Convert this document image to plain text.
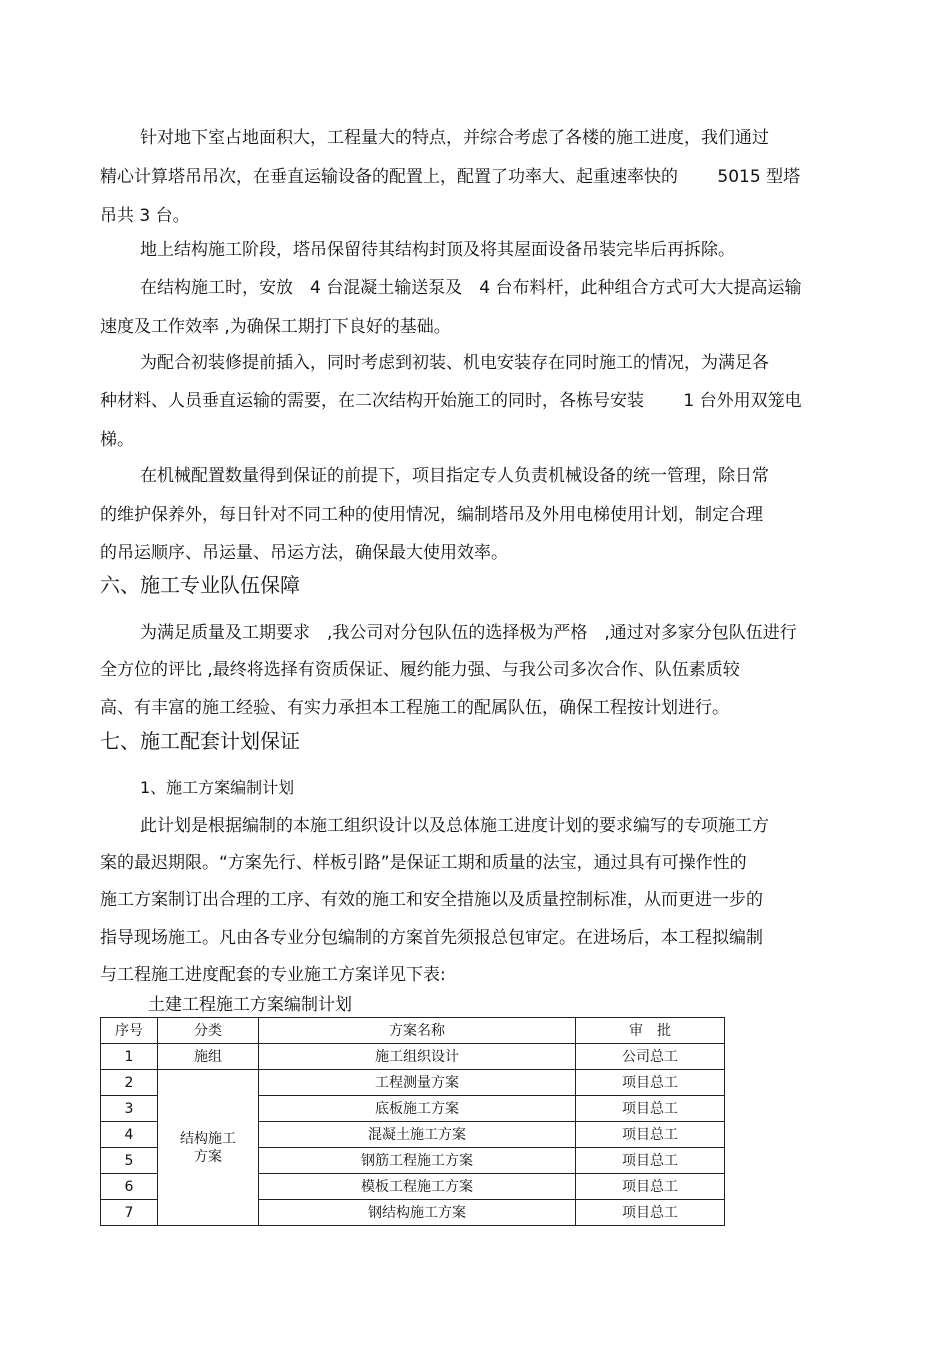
针对地下室占地面积大，工程量大的特点，并综合考虑了各楼的施工进度，我们通过
精心计算塔吊吊次，在垂直运输设备的配置上，配置了功率大、起重速率快的　　 5015 型塔
吊共 3 台。
地上结构施工阶段，塔吊保留待其结构封顶及将其屋面设备吊装完毕后再拆除。
在结构施工时，安放　4 台混凝土输送泵及　4 台布料杆，此种组合方式可大大提高运输
速度及工作效率 ,为确保工期打下良好的基础。
为配合初装修提前插入，同时考虑到初装、机电安装存在同时施工的情况，为满足各
种材料、人员垂直运输的需要，在二次结构开始施工的同时，各栋号安装　　 1 台外用双笼电
梯。
在机械配置数量得到保证的前提下，项目指定专人负责机械设备的统一管理，除日常
的维护保养外，每日针对不同工种的使用情况，编制塔吊及外用电梯使用计划，制定合理
的吊运顺序、吊运量、吊运方法，确保最大使用效率。
六、施工专业队伍保障
为满足质量及工期要求　,我公司对分包队伍的选择极为严格　,通过对多家分包队伍进行
全方位的评比 ,最终将选择有资质保证、履约能力强、与我公司多次合作、队伍素质较
高、有丰富的施工经验、有实力承担本工程施工的配属队伍，确保工程按计划进行。
七、施工配套计划保证
1、施工方案编制计划
此计划是根据编制的本施工组织设计以及总体施工进度计划的要求编写的专项施工方
案的最迟期限。“方案先行、样板引路”是保证工期和质量的法宝，通过具有可操作性的
施工方案制订出合理的工序、有效的施工和安全措施以及质量控制标准，从而更进一步的
指导现场施工。凡由各专业分包编制的方案首先须报总包审定。在进场后，本工程拟编制
与工程施工进度配套的专业施工方案详见下表:
土建工程施工方案编制计划
序号	分类	方案名称	审　批
1	施组	施工组织设计	公司总工
2	结构施工
方案	工程测量方案	项目总工
3		底板施工方案	项目总工
4		混凝土施工方案	项目总工
5		钢筋工程施工方案	项目总工
6		模板工程施工方案	项目总工
7		钢结构施工方案	项目总工
